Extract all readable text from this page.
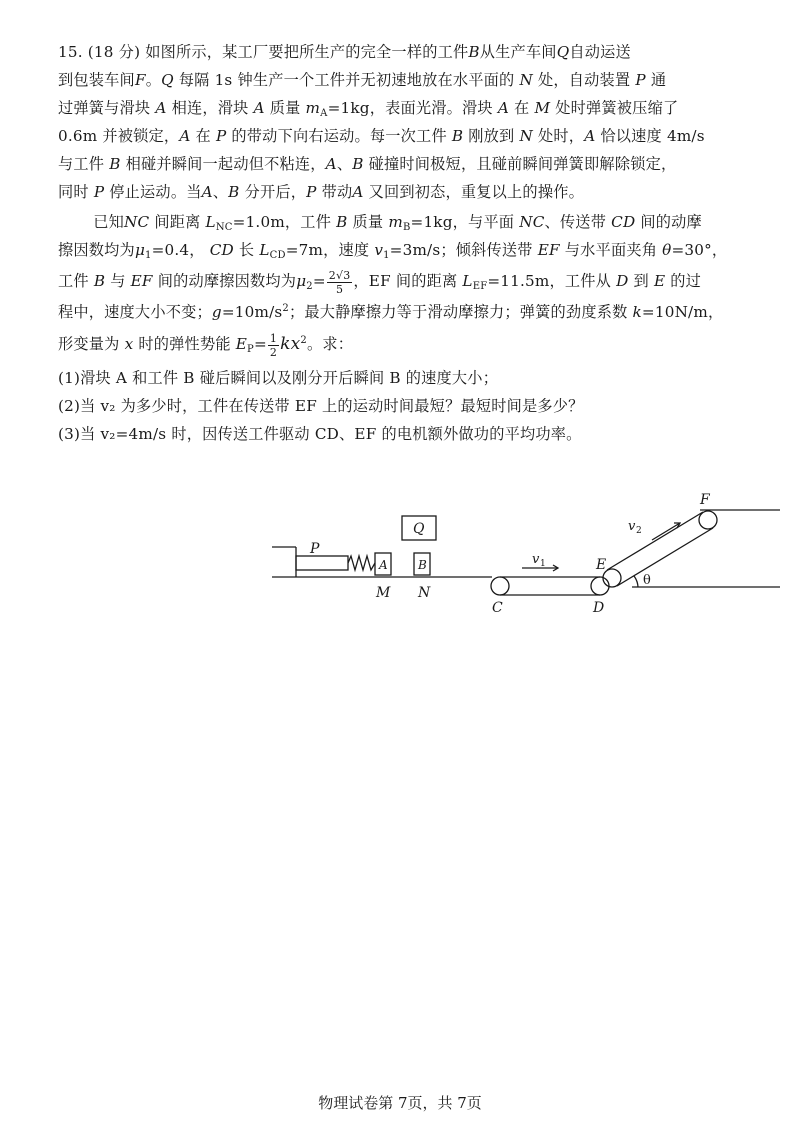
15. (18 分) 如图所示，某工厂要把所生产的完全一样的工件B从生产车间Q自动运送
到包装车间F。Q 每隔 1s 钟生产一个工件并无初速地放在水平面的 N 处，自动装置 P 通
过弹簧与滑块 A 相连，滑块 A 质量 $m_A=1kg$，表面光滑。滑块 A 在 M 处时弹簧被压缩了
0.6m 并被锁定，A 在 P 的带动下向右运动。每一次工件 B 刚放到 N 处时，A 恰以速度 4m/s
与工件 B 相碰并瞬间一起动但不粘连，A、B 碰撞时间极短，且碰前瞬间弹簧即解除锁定，
同时 P 停止运动。当A、B 分开后，P 带动A 又回到初态，重复以上的操作。

已知NC 间距离 $L_{NC}=1.0m$，工件 B 质量 $m_B=1kg$，与平面 NC、传送带 CD 间的动摩
擦因数均为$\mu_1=0.4$， CD 长 $L_{CD}=7m$，速度 $v_1=3m/s$；倾斜传送带 EF 与水平面夹角 θ=30°，
工件 B 与 EF 间的动摩擦因数均为$\mu_2= \frac{2√3}{5}$ ，EF 间的距离 $L_{EF}=11.5m$，工件从 D 到 E 的过
程中，速度大小不变；$g=10m/s^2$；最大静摩擦力等于滑动摩擦力；弹簧的劲度系数 k=10N/m，
形变量为 x 时的弹性势能 $E_P= \frac{1}{2} kx^2$。求：

(1)滑块 A 和工件 B 碰后瞬间以及刚分开后瞬间 B 的速度大小；
(2)当 v₂ 为多少时，工件在传送带 EF 上的运动时间最短？最短时间是多少？
(3)当 v₂=4m/s 时，因传送工件驱动 CD、EF 的电机额外做功的平均功率。
P
Q
A	B
M N
C	D
E
F
v 1
v 2
θ
物理试卷第 7页，共 7页
